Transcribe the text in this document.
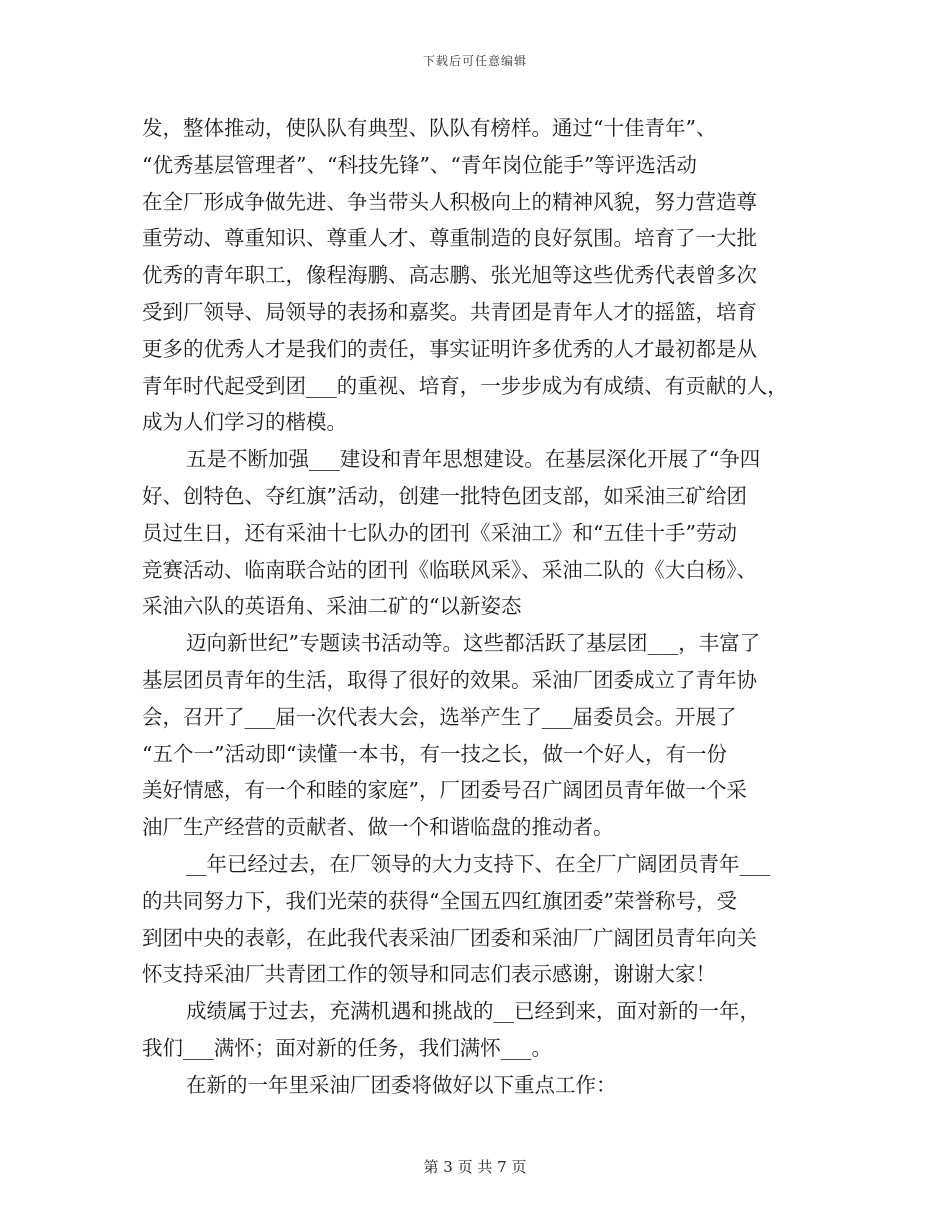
下载后可任意编辑
发，整体推动，使队队有典型、队队有榜样。通过“十佳青年”、
“优秀基层管理者”、“科技先锋”、“青年岗位能手”等评选活动
在全厂形成争做先进、争当带头人积极向上的精神风貌，努力营造尊
重劳动、尊重知识、尊重人才、尊重制造的良好氛围。培育了一大批
优秀的青年职工，像程海鹏、高志鹏、张光旭等这些优秀代表曾多次
受到厂领导、局领导的表扬和嘉奖。共青团是青年人才的摇篮，培育
更多的优秀人才是我们的责任，事实证明许多优秀的人才最初都是从
青年时代起受到团___的重视、培育，一步步成为有成绩、有贡献的人，
成为人们学习的楷模。
五是不断加强___建设和青年思想建设。在基层深化开展了“争四
好、创特色、夺红旗”活动，创建一批特色团支部，如采油三矿给团
员过生日，还有采油十七队办的团刊《采油工》和“五佳十手”劳动
竞赛活动、临南联合站的团刊《临联风采》、采油二队的《大白杨》、
采油六队的英语角、采油二矿的“以新姿态
迈向新世纪”专题读书活动等。这些都活跃了基层团___，丰富了
基层团员青年的生活，取得了很好的效果。采油厂团委成立了青年协
会，召开了___届一次代表大会，选举产生了___届委员会。开展了
“五个一”活动即“读懂一本书，有一技之长，做一个好人，有一份
美好情感，有一个和睦的家庭”，厂团委号召广阔团员青年做一个采
油厂生产经营的贡献者、做一个和谐临盘的推动者。
__年已经过去，在厂领导的大力支持下、在全厂广阔团员青年___
的共同努力下，我们光荣的获得“全国五四红旗团委”荣誉称号，受
到团中央的表彰，在此我代表采油厂团委和采油厂广阔团员青年向关
怀支持采油厂共青团工作的领导和同志们表示感谢，谢谢大家！
成绩属于过去，充满机遇和挑战的__已经到来，面对新的一年，
我们___满怀；面对新的任务，我们满怀___。
在新的一年里采油厂团委将做好以下重点工作：
第 3 页 共 7 页
